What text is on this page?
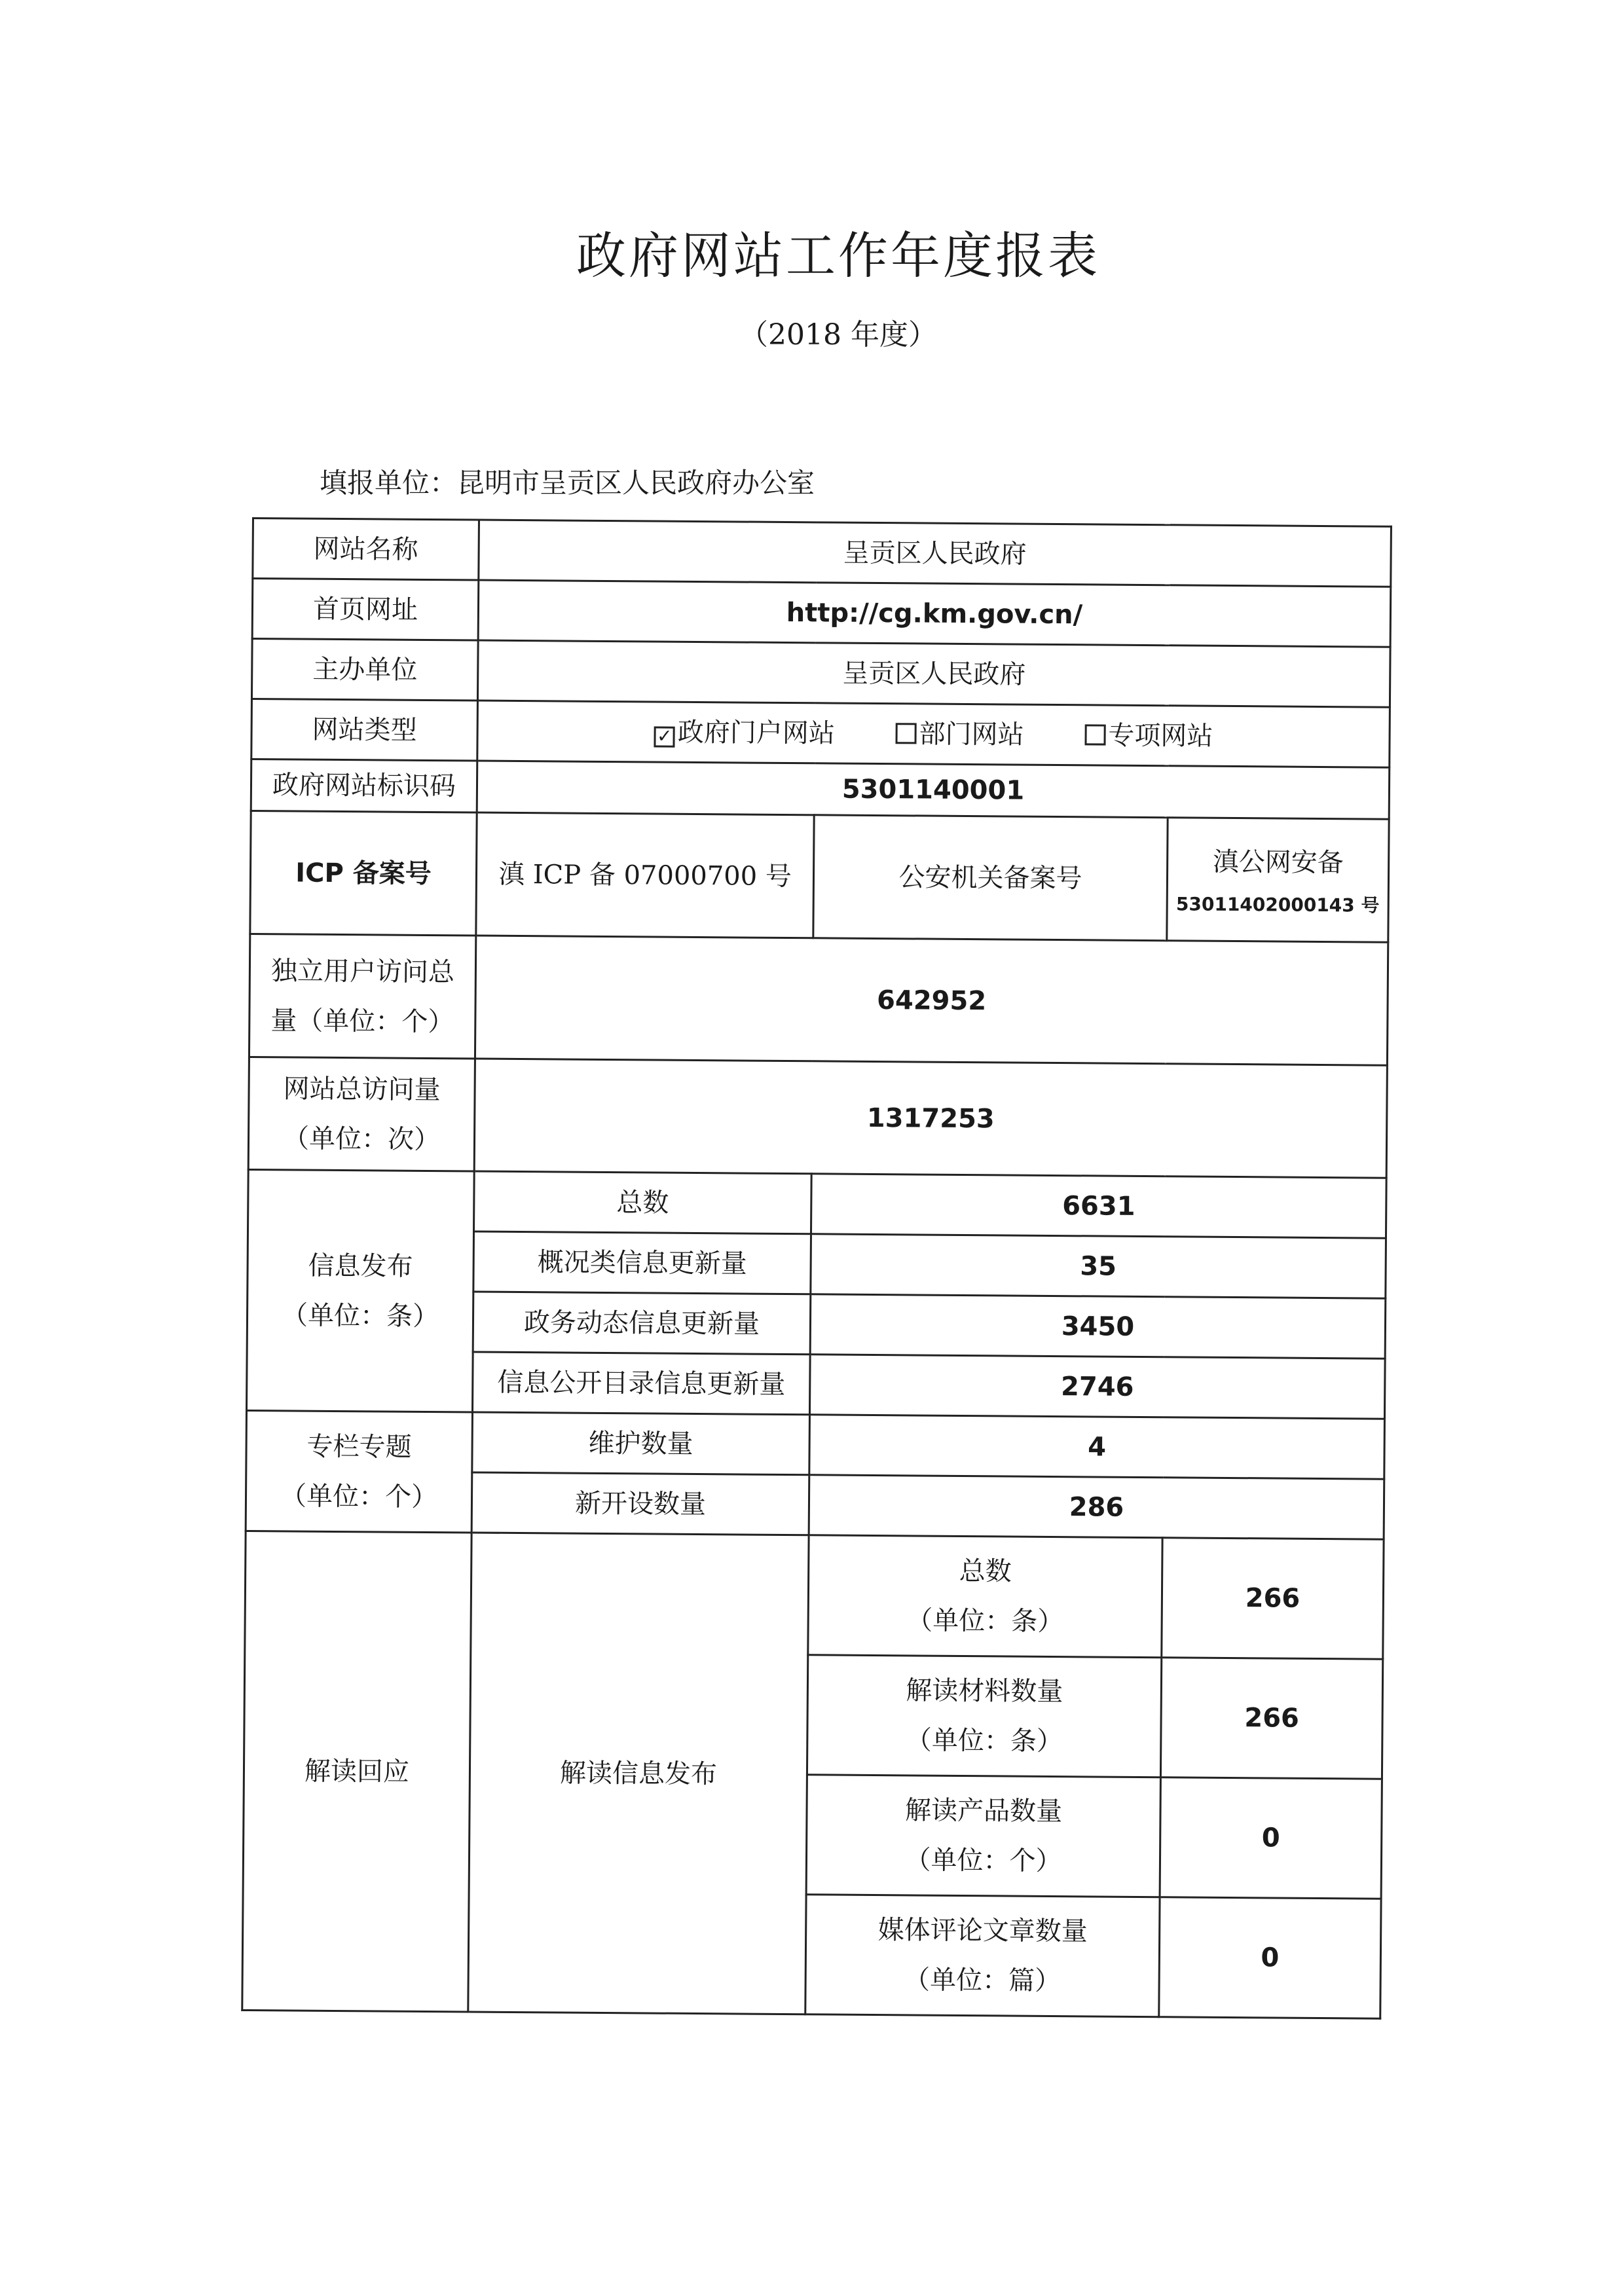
政府网站工作年度报表
（2018 年度）
填报单位：昆明市呈贡区人民政府办公室
网站名称	呈贡区人民政府		
首页网址	http://cg.km.gov.cn/		
主办单位	呈贡区人民政府		
网站类型	✓ 政府门户网站 部门网站 专项网站		
政府网站标识码	5301140001		
ICP 备案号	滇 ICP 备 07000700 号	公安机关备案号	滇公网安备
53011402000143 号

独立用户访问总
量（单位：个）	642952		

网站总访问量
（单位：次）	1317253		

信息发布
（单位：条）	总数	6631	
	概况类信息更新量	35	
	政务动态信息更新量	3450	
	信息公开目录信息更新量	2746	

专栏专题
（单位：个）	维护数量	4	
	新开设数量	286	
解读回应	解读信息发布	总数
（单位：条）	266

		解读材料数量
（单位：条）	266

		解读产品数量
（单位：个）	0

		媒体评论文章数量
（单位：篇）	0
